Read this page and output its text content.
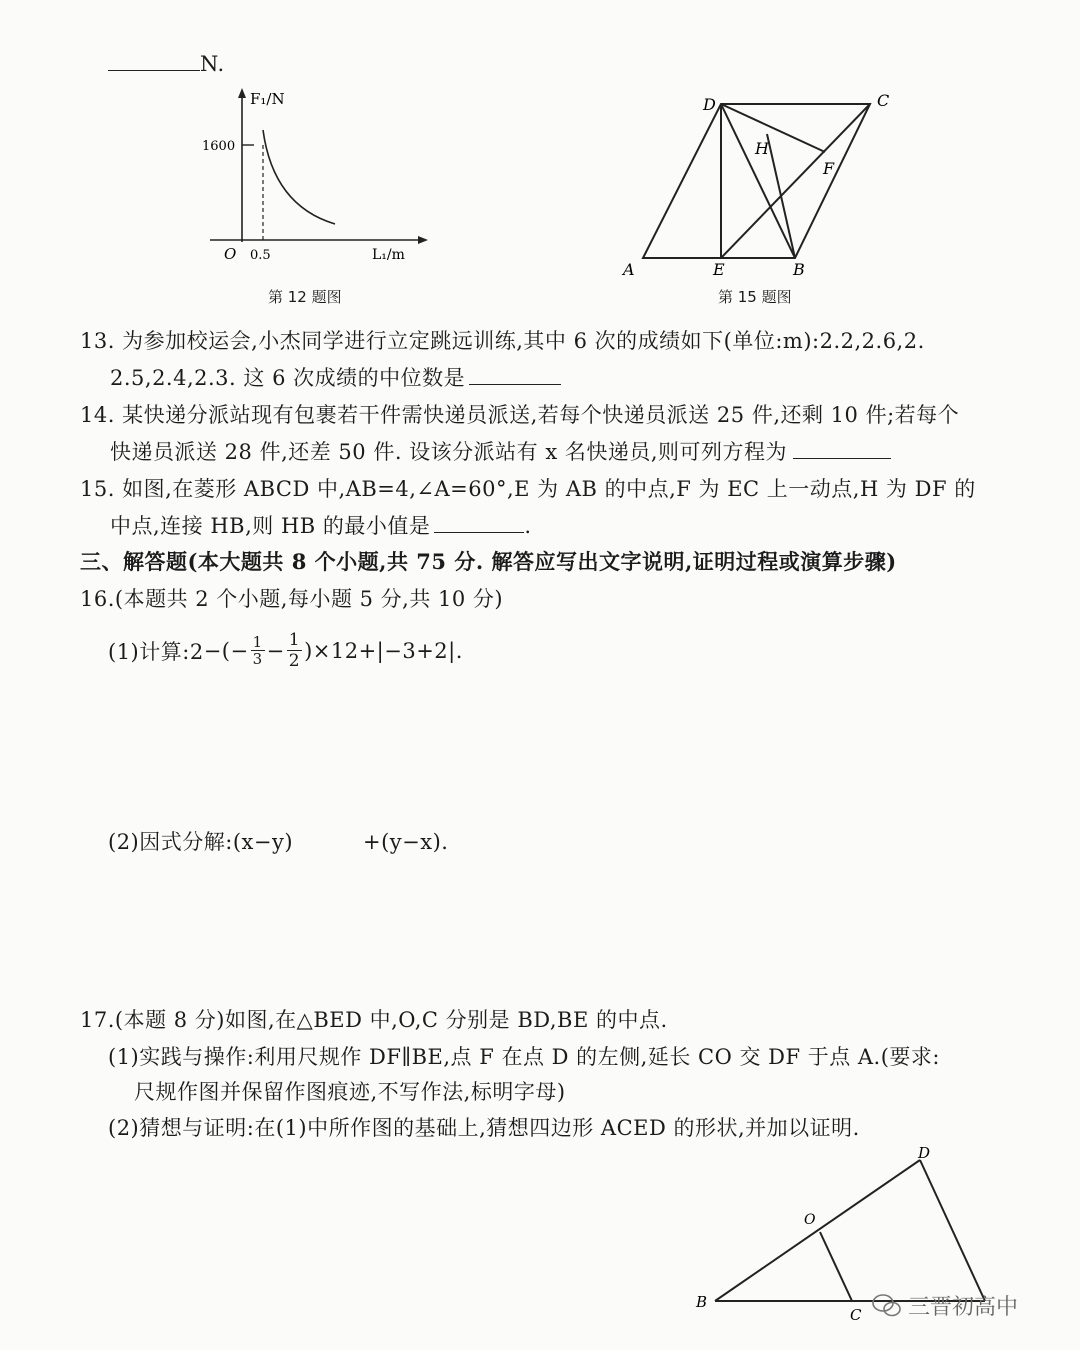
N.
F₁/N
1600
O 0.5	L₁/m
第 12 题图
D	C
H
F
A	E	B
第 15 题图
13. 为参加校运会,小杰同学进行立定跳远训练,其中 6 次的成绩如下(单位:m):2.2,2.6,2.
2.5,2.4,2.3. 这 6 次成绩的中位数是
14. 某快递分派站现有包裹若干件需快递员派送,若每个快递员派送 25 件,还剩 10 件;若每个
快递员派送 28 件,还差 50 件. 设该分派站有 x 名快递员,则可列方程为
15. 如图,在菱形 ABCD 中,AB=4,∠A=60°,E 为 AB 的中点,F 为 EC 上一动点,H 为 DF 的
中点,连接 HB,则 HB 的最小值是	.
三、解答题(本大题共 8 个小题,共 75 分. 解答应写出文字说明,证明过程或演算步骤)
16.(本题共 2 个小题,每小题 5 分,共 10 分)
(1)计算:2 −(− $\frac{1}{3} - \frac{1}{2} )\times 12+|-3+2|$.
(2)因式分解:(x−y)	+(y−x).
17.(本题 8 分)如图,在△BED 中,O,C 分别是 BD,BE 的中点.
(1)实践与操作:利用尺规作 DF∥BE,点 F 在点 D 的左侧,延长 CO 交 DF 于点 A.(要求:
尺规作图并保留作图痕迹,不写作法,标明字母)
(2)猜想与证明:在(1)中所作图的基础上,猜想四边形 ACED 的形状,并加以证明.
D
O
B
C 三晋初高中
